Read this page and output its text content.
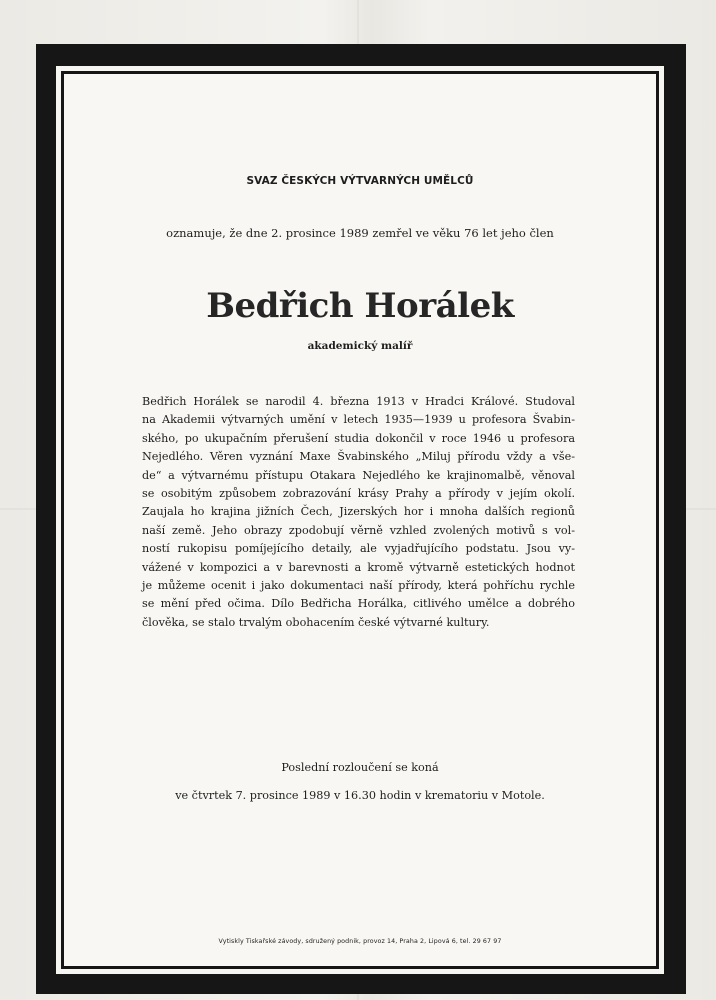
SVAZ ČESKÝCH VÝTVARNÝCH UMĚLCŮ
oznamuje, že dne 2. prosince 1989 zemřel ve věku 76 let jeho člen
Bedřich Horálek
akademický malíř
Bedřich Horálek se narodil 4. března 1913 v Hradci Králové. Studoval
na Akademii výtvarných umění v letech 1935—1939 u profesora Švabin-
ského, po ukupačním přerušení studia dokončil v roce 1946 u profesora
Nejedlého. Věren vyznání Maxe Švabinského „Miluj přírodu vždy a vše-
de“ a výtvarnému přístupu Otakara Nejedlého ke krajinomalbě, věnoval
se osobitým způsobem zobrazování krásy Prahy a přírody v jejím okolí.
Zaujala ho krajina jižních Čech, Jizerských hor i mnoha dalších regionů
naší země. Jeho obrazy zpodobují věrně vzhled zvolených motivů s vol-
ností rukopisu pomíjejícího detaily, ale vyjadřujícího podstatu. Jsou vy-
vážené v kompozici a v barevnosti a kromě výtvarně estetických hodnot
je můžeme ocenit i jako dokumentaci naší přírody, která pohříchu rychle
se mění před očima. Dílo Bedřicha Horálka, citlivého umělce a dobrého
člověka, se stalo trvalým obohacením české výtvarné kultury.
Poslední rozloučení se koná
ve čtvrtek 7. prosince 1989 v 16.30 hodin v krematoriu v Motole.
Vytiskly Tiskařské závody, sdružený podnik, provoz 14, Praha 2, Lipová 6, tel. 29 67 97
